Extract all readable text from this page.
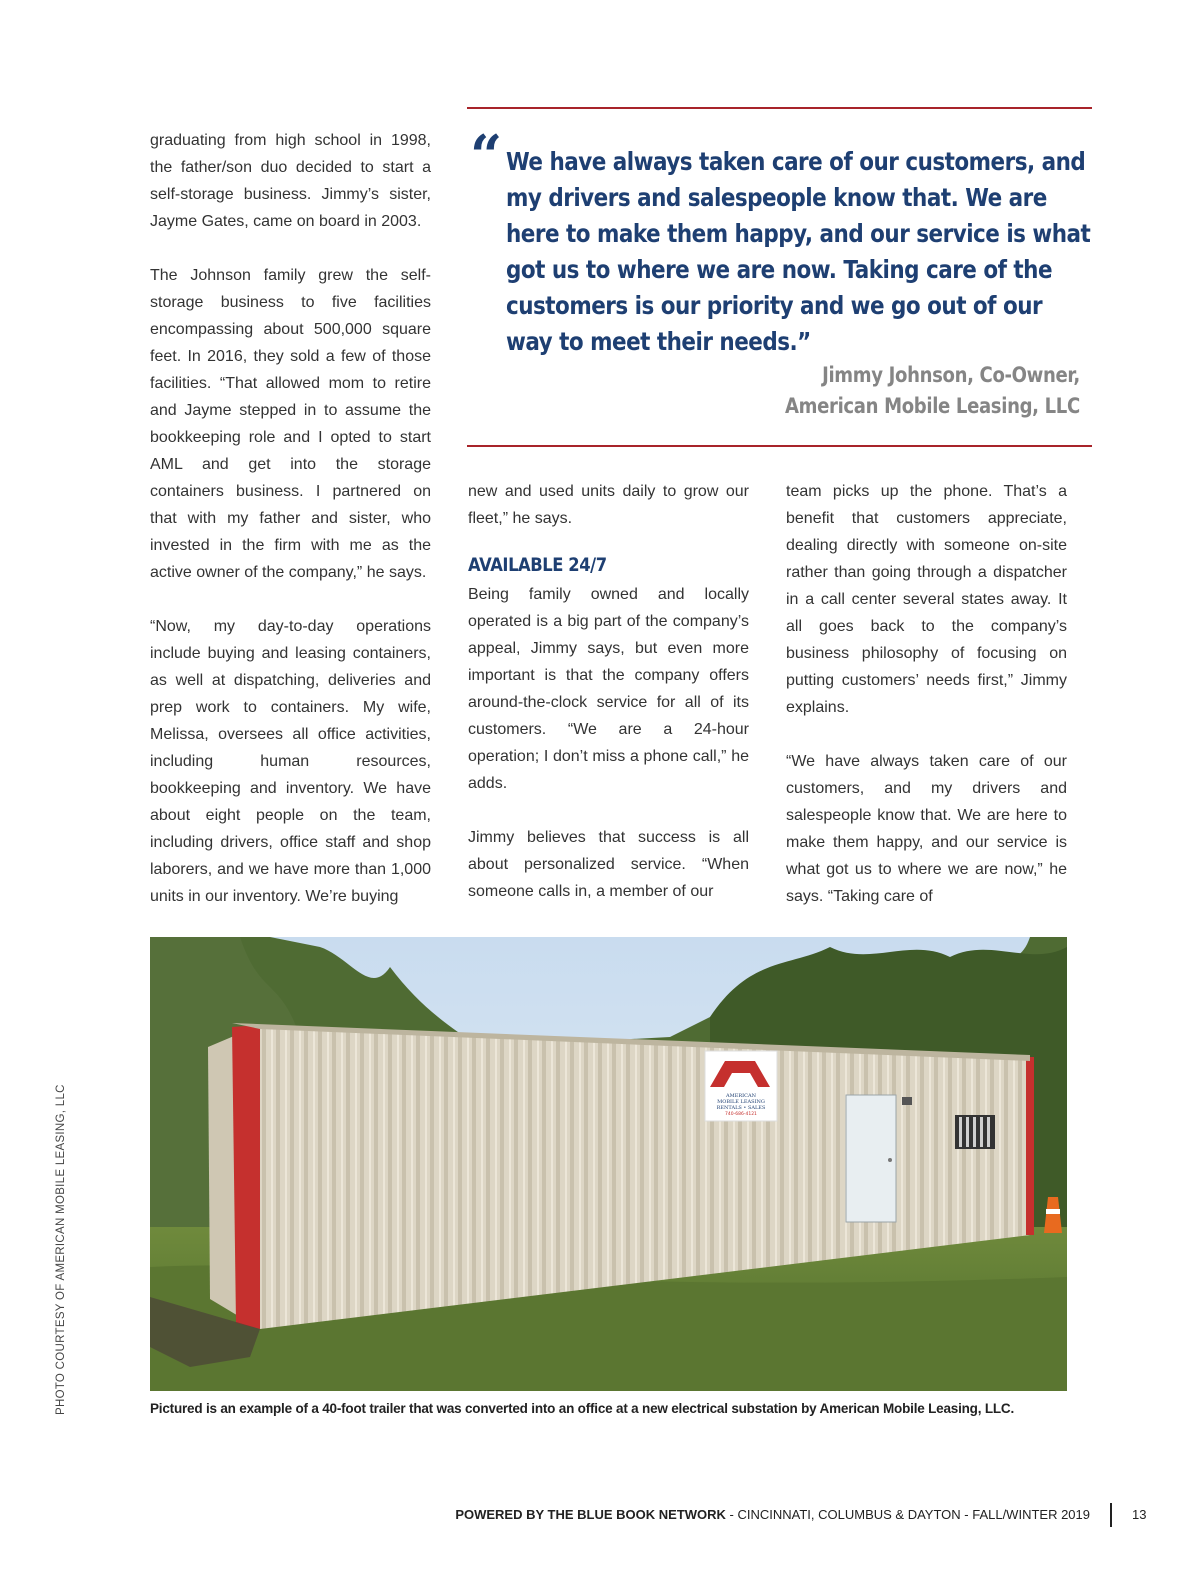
graduating from high school in 1998, the father/son duo decided to start a self-storage business. Jimmy’s sister, Jayme Gates, came on board in 2003.

The Johnson family grew the self-storage business to five facilities encompassing about 500,000 square feet. In 2016, they sold a few of those facilities. “That allowed mom to retire and Jayme stepped in to assume the bookkeeping role and I opted to start AML and get into the storage containers business. I partnered on that with my father and sister, who invested in the firm with me as the active owner of the company,” he says.

“Now, my day-to-day operations include buying and leasing containers, as well at dispatching, deliveries and prep work to containers. My wife, Melissa, oversees all office activities, including human resources, bookkeeping and inventory. We have about eight people on the team, including drivers, office staff and shop laborers, and we have more than 1,000 units in our inventory. We’re buying

“ We have always taken care of our customers, and my drivers and salespeople know that. We are here to make them happy, and our service is what got us to where we are now. Taking care of the customers is our priority and we go out of our way to meet their needs.”
Jimmy Johnson, Co-Owner,
American Mobile Leasing, LLC

new and used units daily to grow our fleet,” he says.

AVAILABLE 24/7

Being family owned and locally operated is a big part of the company’s appeal, Jimmy says, but even more important is that the company offers around-the-clock service for all of its customers. “We are a 24-hour operation; I don’t miss a phone call,” he adds.

Jimmy believes that success is all about personalized service. “When someone calls in, a member of our

team picks up the phone. That’s a benefit that customers appreciate, dealing directly with someone on-site rather than going through a dispatcher in a call center several states away. It all goes back to the company’s business philosophy of focusing on putting customers’ needs first,” Jimmy explains.

“We have always taken care of our customers, and my drivers and salespeople know that. We are here to make them happy, and our service is what got us to where we are now,” he says. “Taking care of

AMERICAN
MOBILE LEASING
RENTALS • SALES
740-686-4121
Pictured is an example of a 40-foot trailer that was converted into an office at a new electrical substation by American Mobile Leasing, LLC.
PHOTO COURTESY OF AMERICAN MOBILE LEASING, LLC
POWERED BY THE BLUE BOOK NETWORK - CINCINNATI, COLUMBUS & DAYTON - FALL/WINTER 2019	13
